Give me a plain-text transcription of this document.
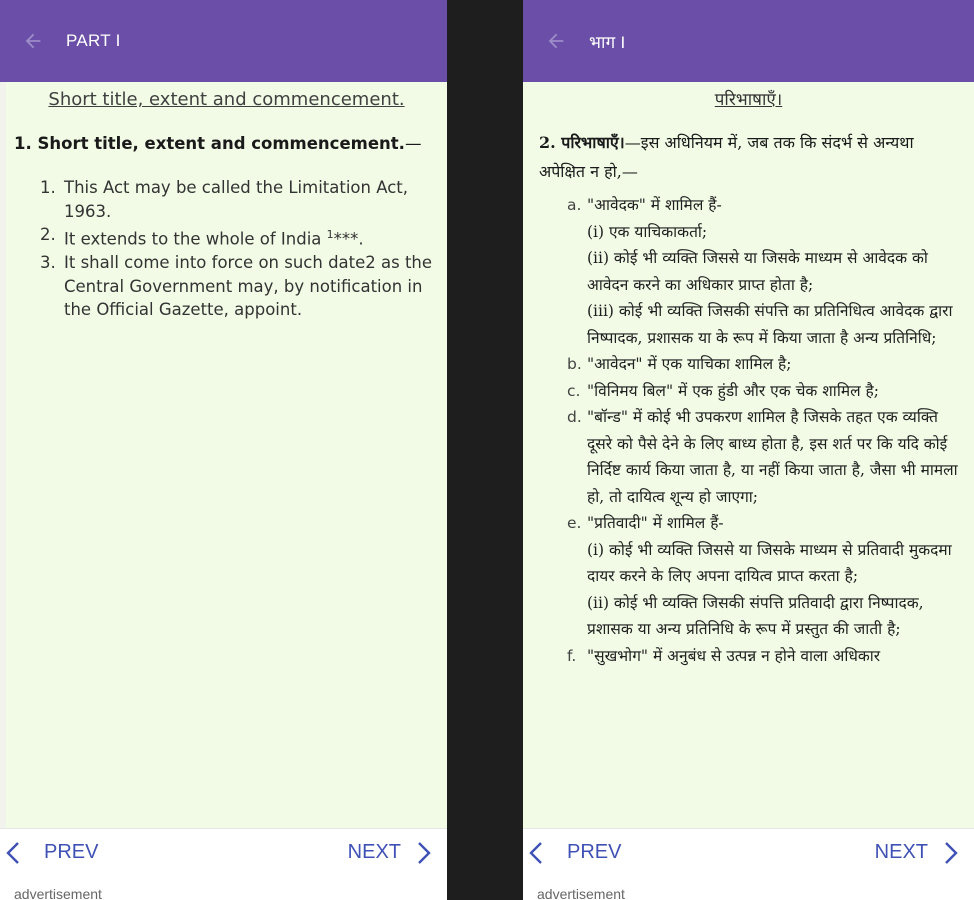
PART I
Short title, extent and commencement.
1. Short title, extent and commencement.—
1. This Act may be called the Limitation Act, 1963.
2. It extends to the whole of India $^1$***.
3. It shall come into force on such date2 as the Central Government may, by notification in the Official Gazette, appoint.
PREV	NEXT
advertisement
भाग I
परिभाषाएँ।
2. परिभाषाएँ।—इस अधिनियम में, जब तक कि संदर्भ से अन्यथा अपेक्षित न हो,—
a. "आवेदक" में शामिल हैं-
(i) एक याचिकाकर्ता;
(ii) कोई भी व्यक्ति जिससे या जिसके माध्यम से आवेदक को आवेदन करने का अधिकार प्राप्त होता है;
(iii) कोई भी व्यक्ति जिसकी संपत्ति का प्रतिनिधित्व आवेदक द्वारा निष्पादक, प्रशासक या के रूप में किया जाता है अन्य प्रतिनिधि;
b. "आवेदन" में एक याचिका शामिल है;
c. "विनिमय बिल" में एक हुंडी और एक चेक शामिल है;
d. "बॉन्ड" में कोई भी उपकरण शामिल है जिसके तहत एक व्यक्ति दूसरे को पैसे देने के लिए बाध्य होता है, इस शर्त पर कि यदि कोई निर्दिष्ट कार्य किया जाता है, या नहीं किया जाता है, जैसा भी मामला हो, तो दायित्व शून्य हो जाएगा;
e. "प्रतिवादी" में शामिल हैं-
(i) कोई भी व्यक्ति जिससे या जिसके माध्यम से प्रतिवादी मुकदमा दायर करने के लिए अपना दायित्व प्राप्त करता है;
(ii) कोई भी व्यक्ति जिसकी संपत्ति प्रतिवादी द्वारा निष्पादक, प्रशासक या अन्य प्रतिनिधि के रूप में प्रस्तुत की जाती है;
f. "सुखभोग" में अनुबंध से उत्पन्न न होने वाला अधिकार
PREV	NEXT
advertisement
